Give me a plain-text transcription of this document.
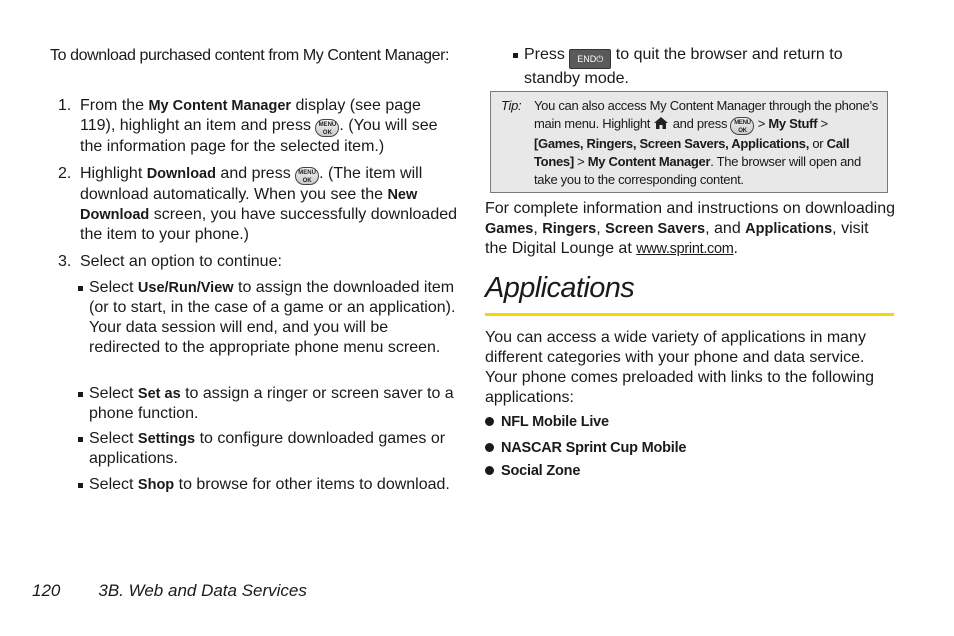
To download purchased content from My Content Manager:

1. From the My Content Manager display (see page 119), highlight an item and press MENU
OK . (You will see the information page for the selected item.)
2. Highlight Download and press MENU
OK . (The item will download automatically. When you see the New Download screen, you have successfully downloaded the item to your phone.)
3. Select an option to continue:
Select Use/Run/View to assign the downloaded item (or to start, in the case of a game or an application). Your data session will end, and you will be redirected to the appropriate phone menu screen.
Select Set as to assign a ringer or screen saver to a phone function.
Select Settings to configure downloaded games or applications.
Select Shop to browse for other items to download.
Press END⏻ to quit the browser and return to standby mode.
Tip: You can also access My Content Manager through the phone’s main menu. Highlight  and press MENU
OK > My Stuff > [Games, Ringers, Screen Savers, Applications, or Call Tones] > My Content Manager. The browser will open and take you to the corresponding content.

For complete information and instructions on downloading Games, Ringers, Screen Savers, and Applications, visit the Digital Lounge at www.sprint.com.

Applications

You can access a wide variety of applications in many different categories with your phone and data service. Your phone comes preloaded with links to the following applications:

NFL Mobile Live
NASCAR Sprint Cup Mobile
Social Zone
120 3B. Web and Data Services
